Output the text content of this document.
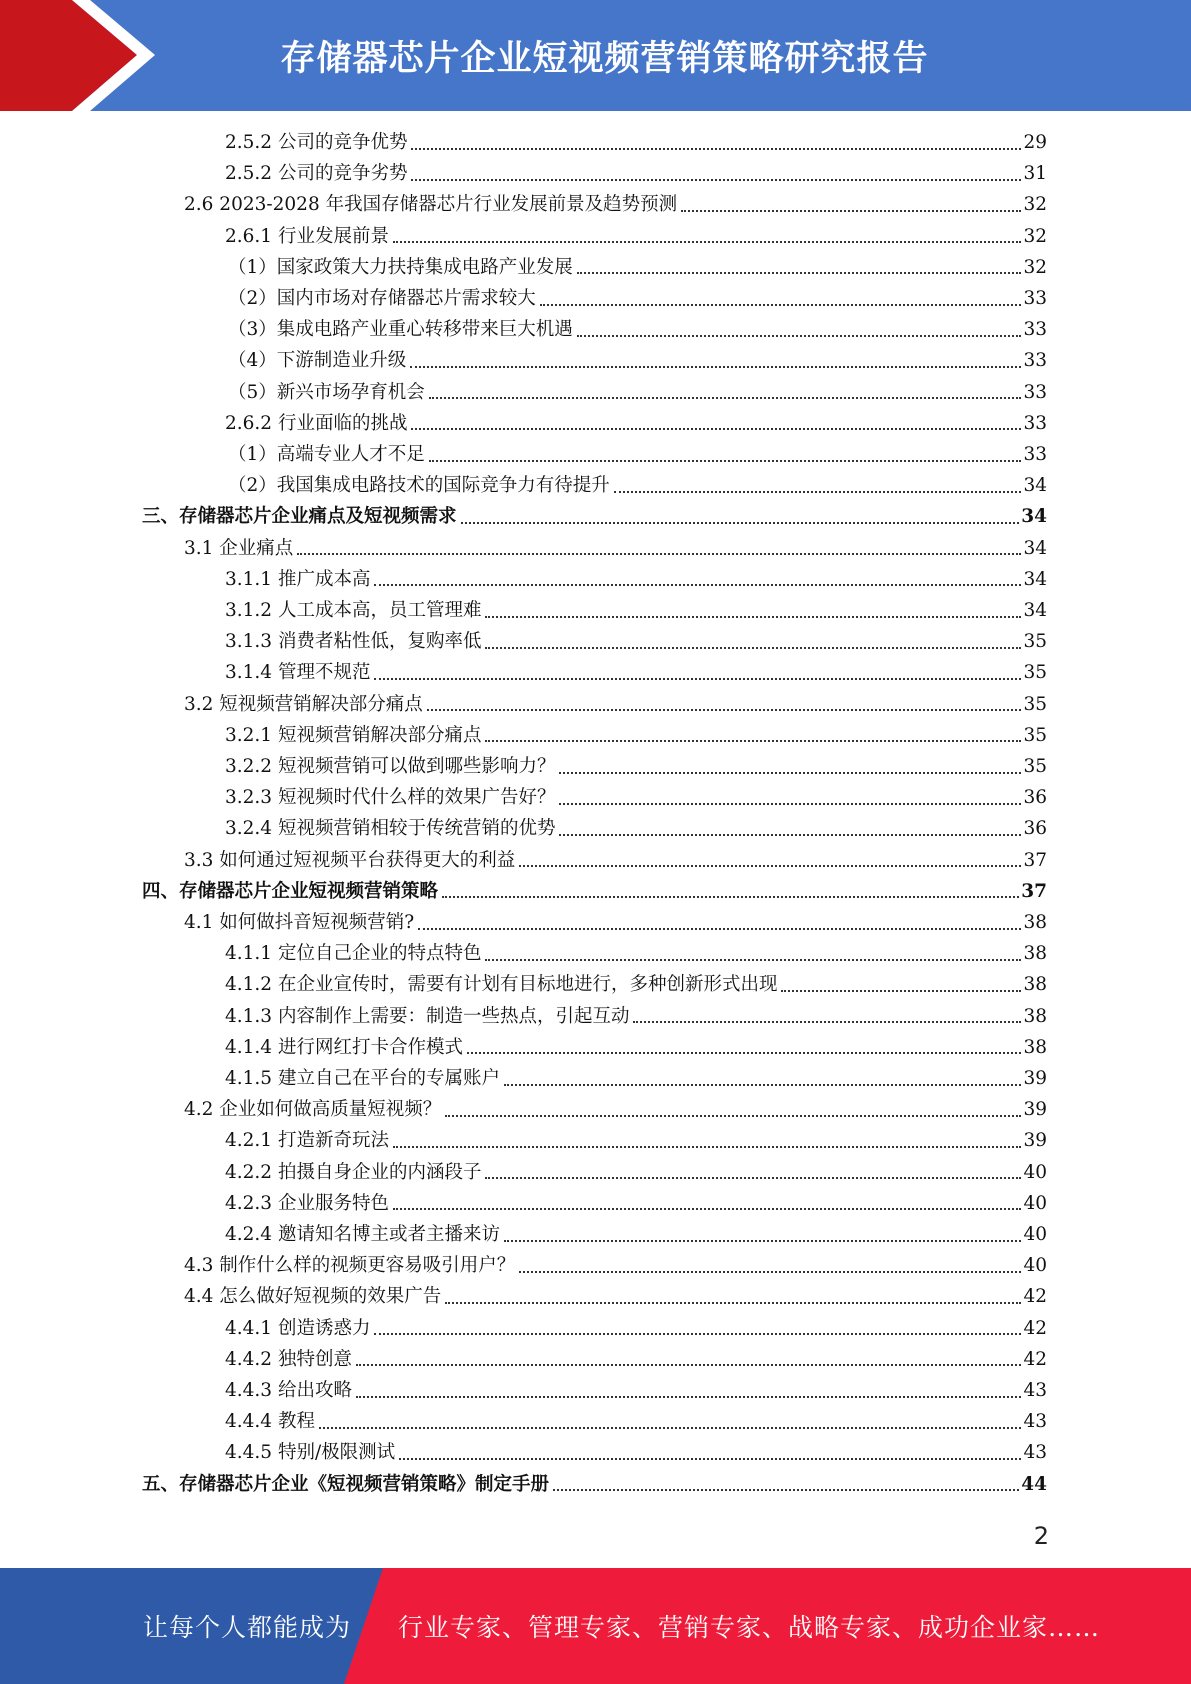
存储器芯片企业短视频营销策略研究报告
2.5.2 公司的竞争优势	29
2.5.2 公司的竞争劣势	31
2.6 2023-2028 年我国存储器芯片行业发展前景及趋势预测	32
2.6.1 行业发展前景	32
（1）国家政策大力扶持集成电路产业发展	32
（2）国内市场对存储器芯片需求较大	33
（3）集成电路产业重心转移带来巨大机遇	33
（4）下游制造业升级	33
（5）新兴市场孕育机会	33
2.6.2 行业面临的挑战	33
（1）高端专业人才不足	33
（2）我国集成电路技术的国际竞争力有待提升	34
三、存储器芯片企业痛点及短视频需求	34
3.1 企业痛点	34
3.1.1 推广成本高	34
3.1.2 人工成本高，员工管理难	34
3.1.3 消费者粘性低，复购率低	35
3.1.4 管理不规范	35
3.2 短视频营销解决部分痛点	35
3.2.1 短视频营销解决部分痛点	35
3.2.2 短视频营销可以做到哪些影响力？	35
3.2.3 短视频时代什么样的效果广告好？	36
3.2.4 短视频营销相较于传统营销的优势	36
3.3 如何通过短视频平台获得更大的利益	37
四、存储器芯片企业短视频营销策略	37
4.1 如何做抖音短视频营销?	38
4.1.1 定位自己企业的特点特色	38
4.1.2 在企业宣传时，需要有计划有目标地进行，多种创新形式出现	38
4.1.3 内容制作上需要：制造一些热点，引起互动	38
4.1.4 进行网红打卡合作模式	38
4.1.5 建立自己在平台的专属账户	39
4.2 企业如何做高质量短视频？	39
4.2.1 打造新奇玩法	39
4.2.2 拍摄自身企业的内涵段子	40
4.2.3 企业服务特色	40
4.2.4 邀请知名博主或者主播来访	40
4.3 制作什么样的视频更容易吸引用户？	40
4.4 怎么做好短视频的效果广告	42
4.4.1 创造诱惑力	42
4.4.2 独特创意	42
4.4.3 给出攻略	43
4.4.4 教程	43
4.4.5 特别/极限测试	43
五、存储器芯片企业《短视频营销策略》制定手册	44
2
让每个人都能成为 行业专家、管理专家、营销专家、战略专家、成功企业家……
